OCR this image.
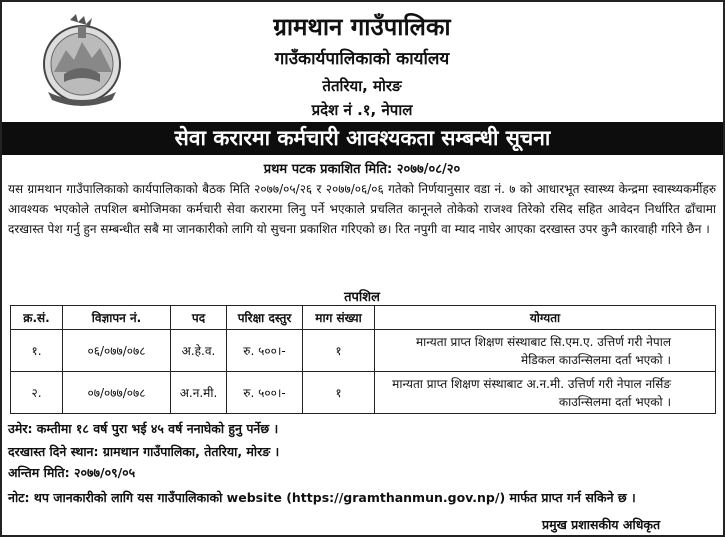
ग्रामथान गाउँपालिका
गाउँकार्यपालिकाको कार्यालय
तेतरिया, मोरङ
प्रदेश नं .१, नेपाल
सेवा करारमा कर्मचारी आवश्यकता सम्बन्धी सूचना
प्रथम पटक प्रकाशित मिति: २०७७/०८/२०

यस ग्रामथान गाउँपालिकाको कार्यपालिकाको बैठक मिति २०७७/०५/२६ र २०७७/०६/०६ गतेको निर्णयानुसार वडा नं. ७ को आधारभूत स्वास्थ्य केन्द्रमा स्वास्थ्यकर्मीहरु आवश्यक भएकोले तपशिल बमोजिमका कर्मचारी सेवा करारमा लिनु पर्ने भएकाले प्रचलित कानूनले तोकेको राजश्व तिरेको रसिद सहित आवेदन निर्धारित ढाँचामा दरखास्त पेश गर्नु हुन सम्बन्धीत सबै मा जानकारीको लागि यो सुचना प्रकाशित गरिएको छ। रित नपुगी वा म्याद नाघेर आएका दरखास्त उपर कुनै कारवाही गरिने छैन ।

तपशिल
क्र.सं.	विज्ञापन नं.	पद	परिक्षा दस्तुर	माग संख्या	योग्यता
१.	०६/०७७/०७८	अ.हे.व.	रु. ५००।-	१	मान्यता प्राप्त शिक्षण संस्थाबाट सि.एम.ए. उत्तिर्ण गरी नेपाल मेडिकल काउन्सिलमा दर्ता भएको ।
२.	०७/०७७/०७८	अ.न.मी.	रु. ५००।-	१	मान्यता प्राप्त शिक्षण संस्थाबाट अ.न.मी. उत्तिर्ण गरी नेपाल नर्सिङ काउन्सिलमा दर्ता भएको ।
उमेर: कम्तीमा १८ वर्ष पुरा भई ४५ वर्ष ननाघेको हुनु पर्नेछ ।
दरखास्त दिने स्थान: ग्रामथान गाउँपालिका, तेतरिया, मोरङ ।
अन्तिम मिति: २०७७/०९/०५
नोट: थप जानकारीको लागि यस गाउँपालिकाको website (https://gramthanmun.gov.np/) मार्फत प्राप्त गर्न सकिने छ ।
प्रमुख प्रशासकीय अधिकृत
